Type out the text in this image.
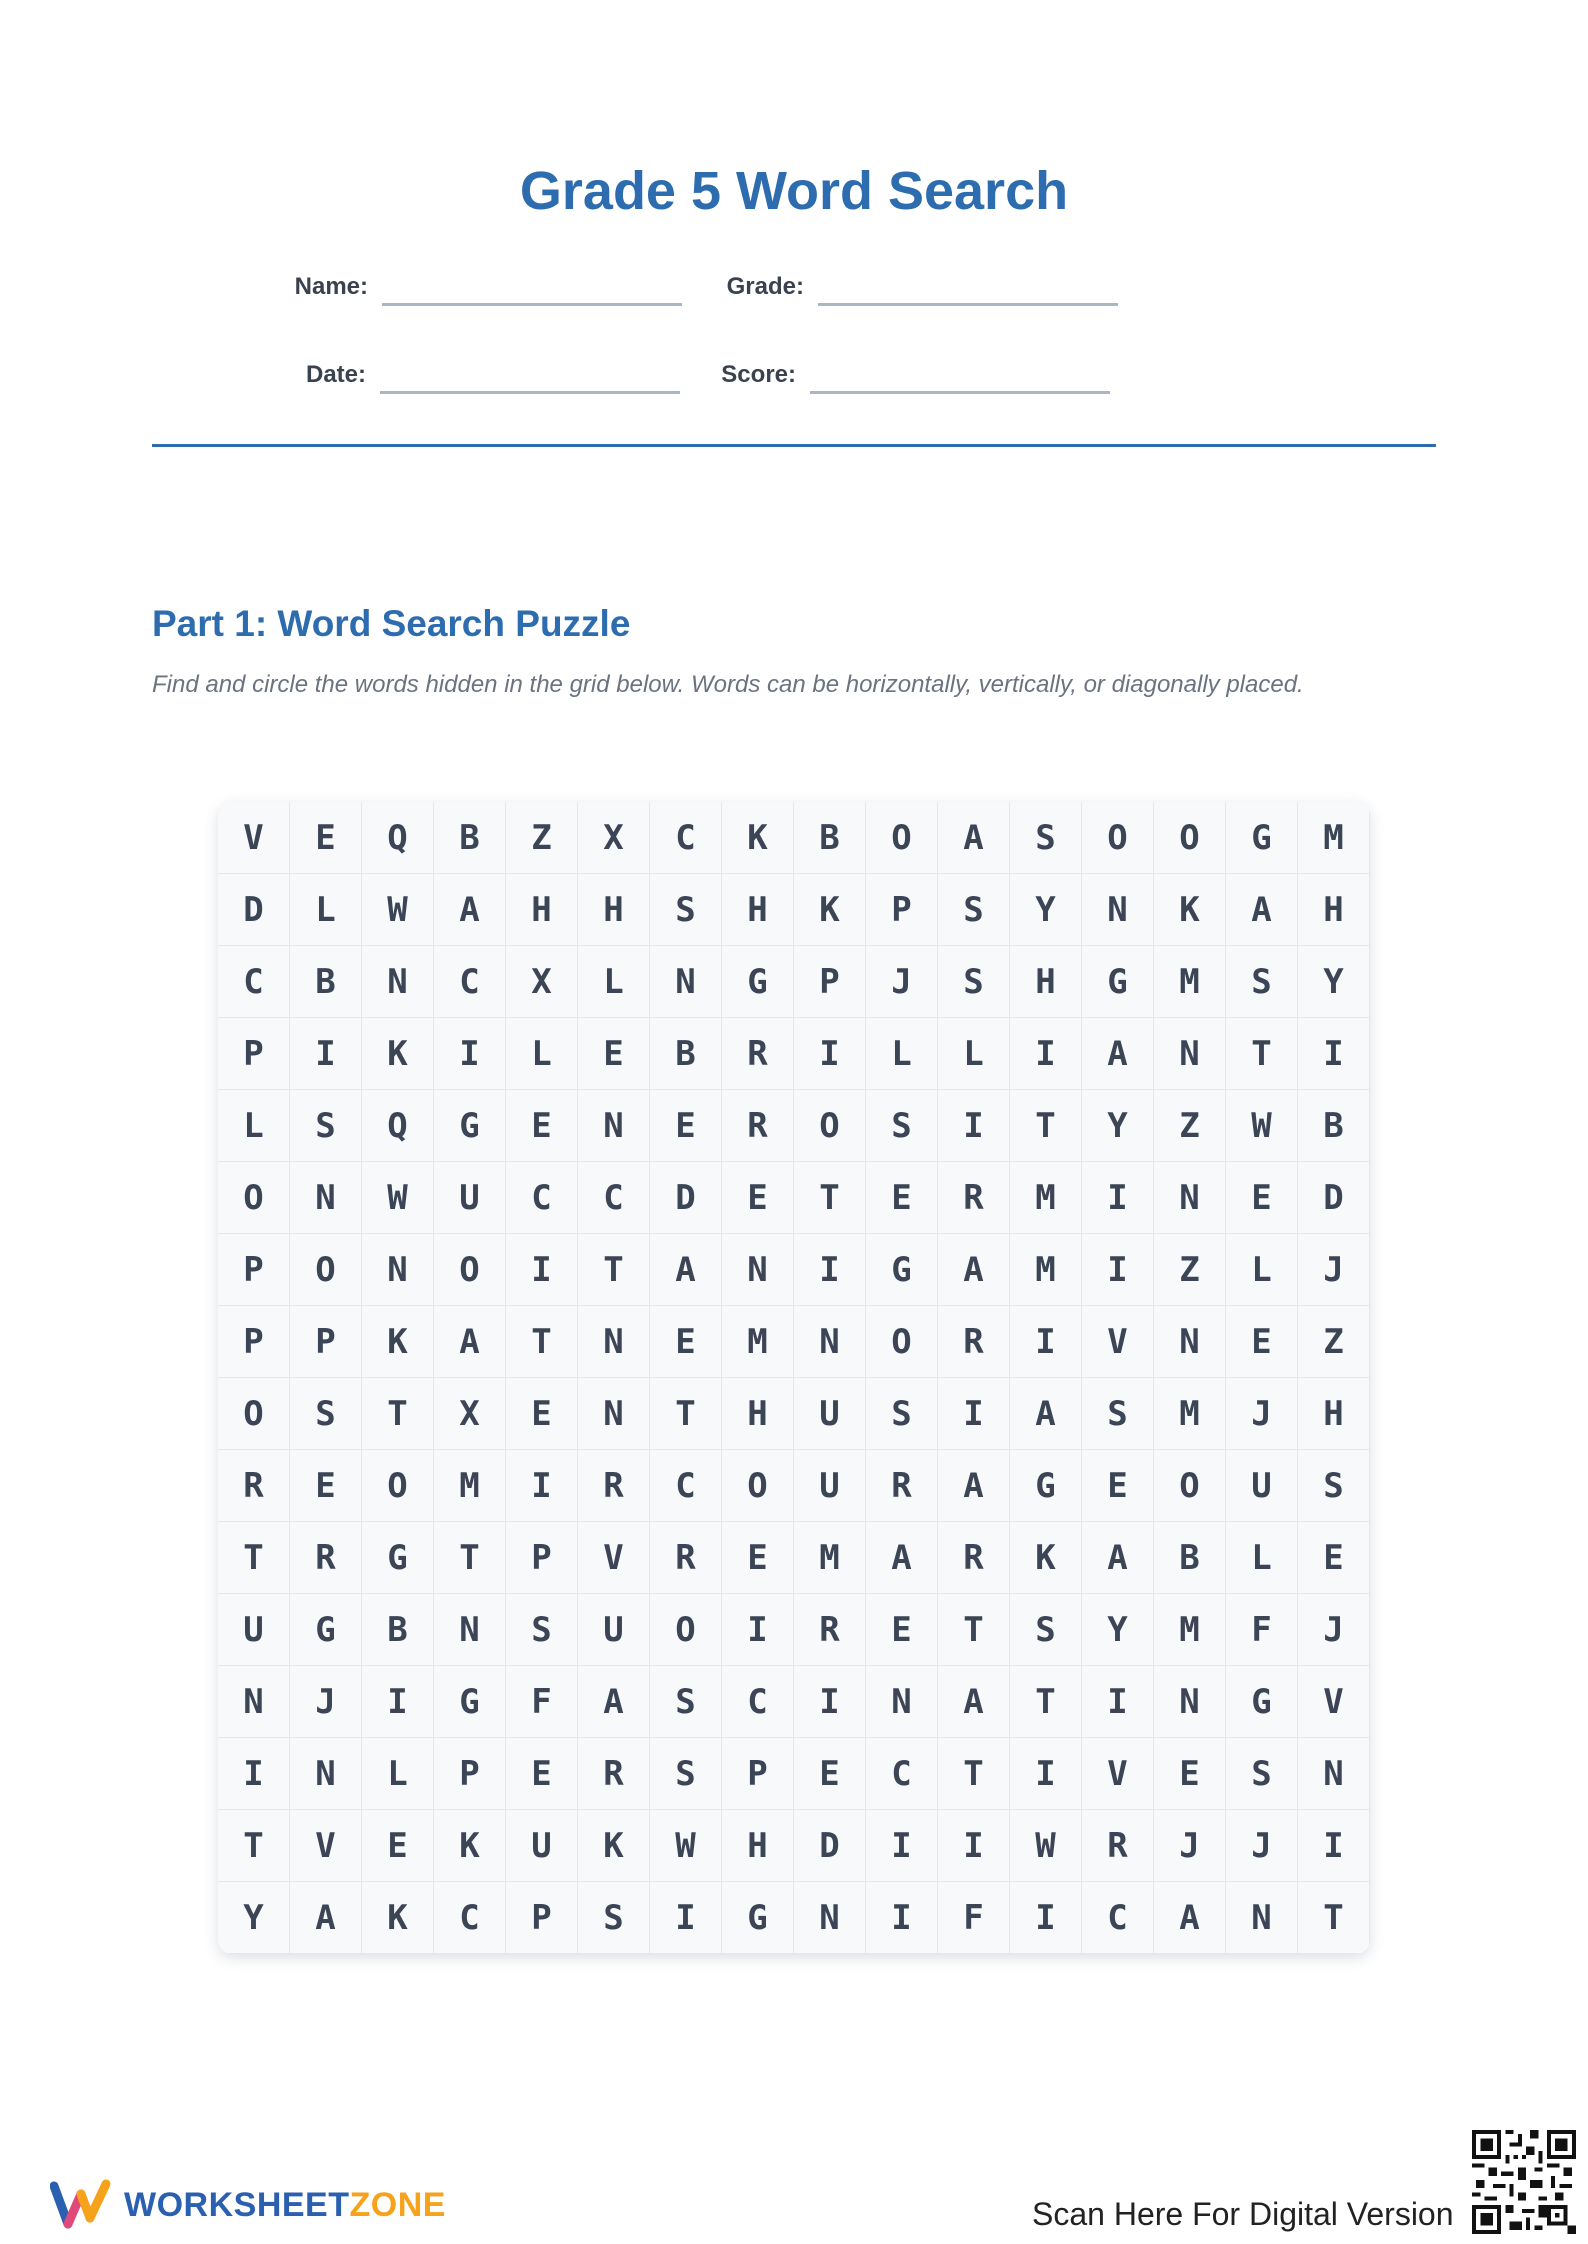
Grade 5 Word Search
Name:	Grade:
Date:	Score:
Part 1: Word Search Puzzle

Find and circle the words hidden in the grid below. Words can be horizontally, vertically, or diagonally placed.

V	E	Q	B	Z	X	C	K	B	O	A	S	O	O	G	M
D	L	W	A	H	H	S	H	K	P	S	Y	N	K	A	H
C	B	N	C	X	L	N	G	P	J	S	H	G	M	S	Y
P	I	K	I	L	E	B	R	I	L	L	I	A	N	T	I
L	S	Q	G	E	N	E	R	O	S	I	T	Y	Z	W	B
O	N	W	U	C	C	D	E	T	E	R	M	I	N	E	D
P	O	N	O	I	T	A	N	I	G	A	M	I	Z	L	J
P	P	K	A	T	N	E	M	N	O	R	I	V	N	E	Z
O	S	T	X	E	N	T	H	U	S	I	A	S	M	J	H
R	E	O	M	I	R	C	O	U	R	A	G	E	O	U	S
T	R	G	T	P	V	R	E	M	A	R	K	A	B	L	E
U	G	B	N	S	U	O	I	R	E	T	S	Y	M	F	J
N	J	I	G	F	A	S	C	I	N	A	T	I	N	G	V
I	N	L	P	E	R	S	P	E	C	T	I	V	E	S	N
T	V	E	K	U	K	W	H	D	I	I	W	R	J	J	I
Y	A	K	C	P	S	I	G	N	I	F	I	C	A	N	T
WORKSHEETZONE	Scan Here For Digital Version
